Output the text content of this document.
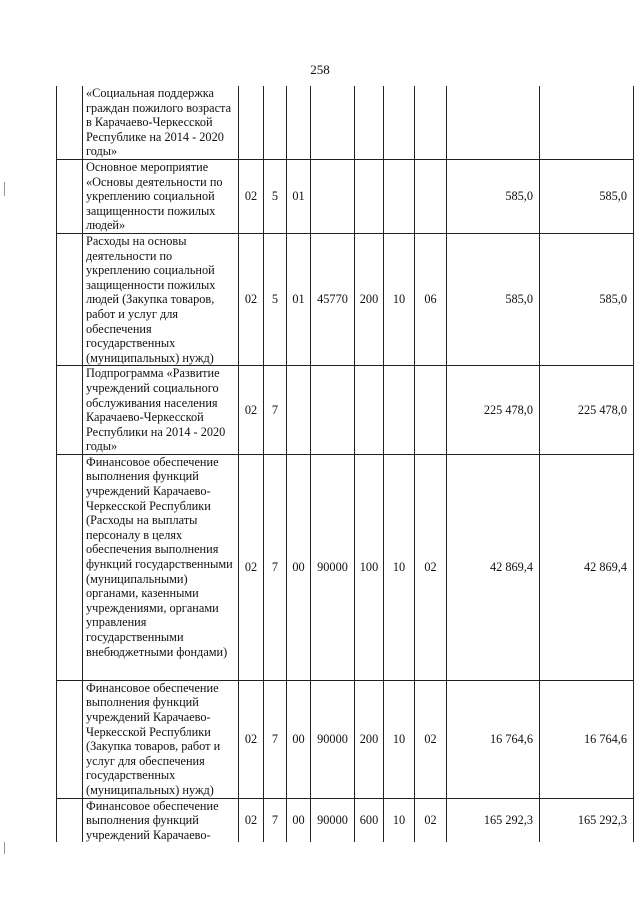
258
	«Социальная поддержка граждан пожилого возраста в Карачаево-Черкесской Республике на 2014 - 2020 годы»									
	Основное мероприятие «Основы деятельности по укреплению социальной защищенности пожилых людей»	02	5	01					585,0	585,0
	Расходы на основы деятельности по укреплению социальной защищенности пожилых людей (Закупка товаров, работ и услуг для обеспечения государственных (муниципальных) нужд)	02	5	01	45770	200	10	06	585,0	585,0
	Подпрограмма «Развитие учреждений социального обслуживания населения Карачаево-Черкесской Республики на 2014 - 2020 годы»	02	7						225 478,0	225 478,0
	Финансовое обеспечение выполнения функций учреждений Карачаево-Черкесской Республики (Расходы на выплаты персоналу в целях обеспечения выполнения функций государственными (муниципальными) органами, казенными учреждениями, органами управления государственными внебюджетными фондами)	02	7	00	90000	100	10	02	42 869,4	42 869,4
	Финансовое обеспечение выполнения функций учреждений Карачаево-Черкесской Республики (Закупка товаров, работ и услуг для обеспечения государственных (муниципальных) нужд)	02	7	00	90000	200	10	02	16 764,6	16 764,6
	Финансовое обеспечение выполнения функций учреждений Карачаево-	02	7	00	90000	600	10	02	165 292,3	165 292,3
